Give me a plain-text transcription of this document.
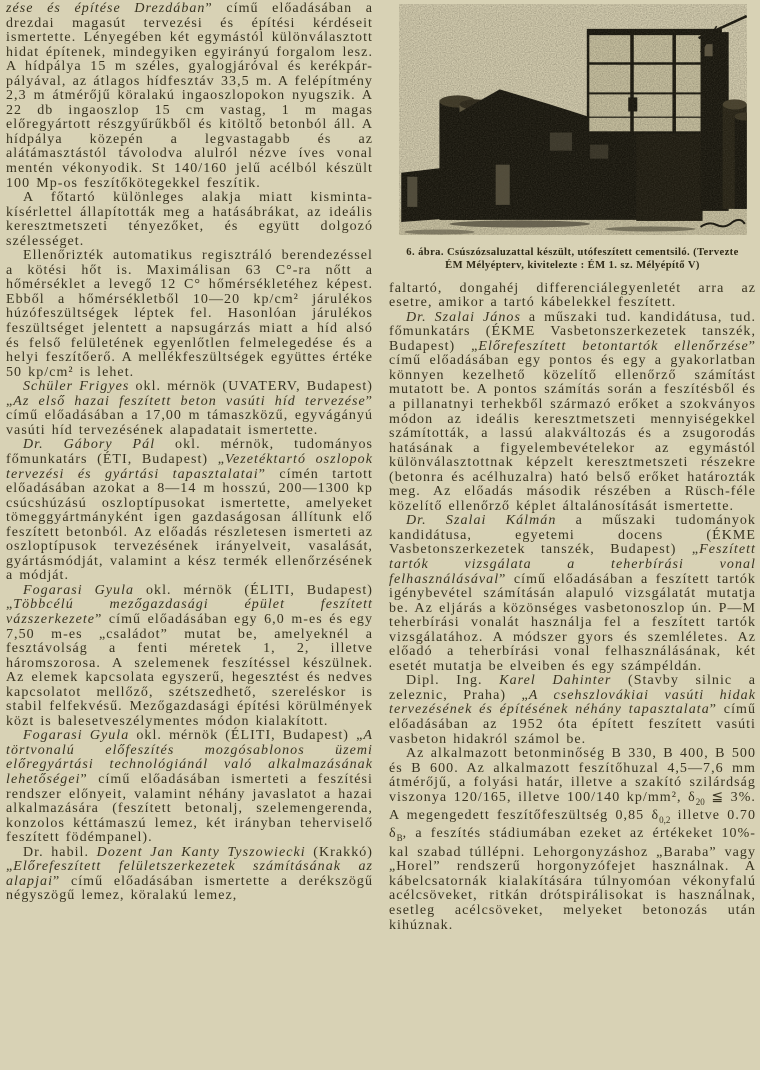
zése és építése Drezdában” című előadásában a drezdai magasút tervezési és építési kérdéseit ismertette. Lényegében két egymástól különválasztott hidat építenek, mindegyiken egyirányú forgalom lesz. A hídpálya 15 m széles, gyalogjáróval és kerékpár-pályával, az átlagos hídfesztáv 33,5 m. A felépítmény 2,3 m átmérőjű köralakú ingaoszlopokon nyugszik. A 22 db ingaoszlop 15 cm vastag, 1 m magas előregyártott részgyűrűkből és kitöltő betonból áll. A hídpálya közepén a legvastagabb és az alátámasztástól távolodva alulról nézve íves vonal mentén vékonyodik. St 140/160 jelű acélból készült 100 Mp-os feszítőkötegekkel feszítik.

A főtartó különleges alakja miatt kisminta-kísérlettel állapították meg a hatásábrákat, az ideális keresztmetszeti tényezőket, és együtt dolgozó szélességet.

Ellenőrizték automatikus regisztráló berendezéssel a kötési hőt is. Maximálisan 63 C°-ra nőtt a hőmérséklet a levegő 12 C° hőmérsékletéhez képest. Ebből a hőmérsékletből 10—20 kp/cm² járulékos húzófeszültségek léptek fel. Hasonlóan járulékos feszültséget jelentett a napsugárzás miatt a híd alsó és felső felületének egyenlőtlen felmelegedése és a helyi feszítőerő. A mellékfeszültségek együttes értéke 50 kp/cm² is lehet.

Schüler Frigyes okl. mérnök (UVATERV, Budapest) „Az első hazai feszített beton vasúti híd tervezése” című előadásában a 17,00 m támaszközű, egyvágányú vasúti híd tervezésének alapadatait ismertette.

Dr. Gábory Pál okl. mérnök, tudományos főmunkatárs (ÉTI, Budapest) „Vezetéktartó oszlopok tervezési és gyártási tapasztalatai” címén tartott előadásában azokat a 8—14 m hosszú, 200—1300 kp csúcshúzású oszloptípusokat ismertette, amelyeket tömeggyártmányként igen gazdaságosan állítunk elő feszített betonból. Az előadás részletesen ismerteti az oszloptípusok tervezésének irányelveit, vasalását, gyártásmódját, valamint a kész termék ellenőrzésének a módját.

Fogarasi Gyula okl. mérnök (ÉLITI, Budapest) „Többcélú mezőgazdasági épület feszített vázszerkezete” című előadásában egy 6,0 m-es és egy 7,50 m-es „családot” mutat be, amelyeknél a fesztávolság a fenti méretek 1, 2, illetve háromszorosa. A szelemenek feszítéssel készülnek. Az elemek kapcsolata egyszerű, hegesztést és nedves kapcsolatot mellőző, szétszedhető, szereléskor is stabil felfekvésű. Mezőgazdasági építési körülmények közt is balesetveszélymentes módon kialakított.

Fogarasi Gyula okl. mérnök (ÉLITI, Budapest) „A törtvonalú előfeszítés mozgósablonos üzemi előregyártási technológiánál való alkalmazásának lehetőségei” című előadásában ismerteti a feszítési rendszer előnyeit, valamint néhány javaslatot a hazai alkalmazására (feszített betonalj, szelemengerenda, konzolos kéttámaszú lemez, két irányban teherviselő feszített födémpanel).

Dr. habil. Dozent Jan Kanty Tyszowiecki (Krakkó) „Előrefeszített felületszerkezetek számításának az alapjai” című előadásában ismertette a derékszögű négyszögű lemez, köralakú lemez,

6. ábra. Csúszózsaluzattal készült, utófeszített cementsiló. (Tervezte
ÉM Mélyépterv, kivitelezte : ÉM 1. sz. Mélyépítő V)

faltartó, dongahéj differenciálegyenletét arra az esetre, amikor a tartó kábelekkel feszített.

Dr. Szalai János a műszaki tud. kandidátusa, tud. főmunkatárs (ÉKME Vasbetonszerkezetek tanszék, Budapest) „Előrefeszített betontartók ellenőrzése” című előadásában egy pontos és egy a gyakorlatban könnyen kezelhető közelítő ellenőrző számítást mutatott be. A pontos számítás során a feszítésből és a pillanatnyi terhekből származó erőket a szokványos módon az ideális keresztmetszeti mennyiségekkel számították, a lassú alakváltozás és a zsugorodás hatásának a figyelembevételekor az egymástól különválasztottnak képzelt keresztmetszeti részekre (betonra és acélhuzalra) ható belső erőket határozták meg. Az előadás második részében a Rüsch-féle közelítő ellenőrző képlet általánosítását ismertette.

Dr. Szalai Kálmán a műszaki tudományok kandidátusa, egyetemi docens (ÉKME Vasbetonszerkezetek tanszék, Budapest) „Feszített tartók vizsgálata a teherbírási vonal felhasználásával” című előadásában a feszített tartók igénybevétel számításán alapuló vizsgálatát mutatja be. Az eljárás a közönséges vasbetonoszlop ún. P—M teherbírási vonalát használja fel a feszített tartók vizsgálatához. A módszer gyors és szemléletes. Az előadó a teherbírási vonal felhasználásának, két esetét mutatja be elveiben és egy számpéldán.

Dipl. Ing. Karel Dahinter (Stavby silnic a zeleznic, Praha) „A csehszlovákiai vasúti hidak tervezésének és építésének néhány tapasztalata” című előadásában az 1952 óta épített feszített vasúti vasbeton hidakról számol be.

Az alkalmazott betonminőség B 330, B 400, B 500 és B 600. Az alkalmazott feszítőhuzal 4,5—7,6 mm átmérőjű, a folyási határ, illetve a szakító szilárdság viszonya 120/165, illetve 100/140 kp/mm², $\delta_{20}$ ≦ 3%. A megengedett feszítőfeszültség 0,85 $\delta_{0,2}$ illetve 0.70 $\delta_B$, a feszítés stádiumában ezeket az értékeket 10%-kal szabad túllépni. Lehorgonyzáshoz „Baraba” vagy „Horel” rendszerű horgonyzófejet használnak. A kábelcsatornák kialakítására túlnyomóan vékonyfalú acélcsöveket, ritkán drótspirálisokat is használnak, esetleg acélcsöveket, melyeket betonozás után kihúznak.
